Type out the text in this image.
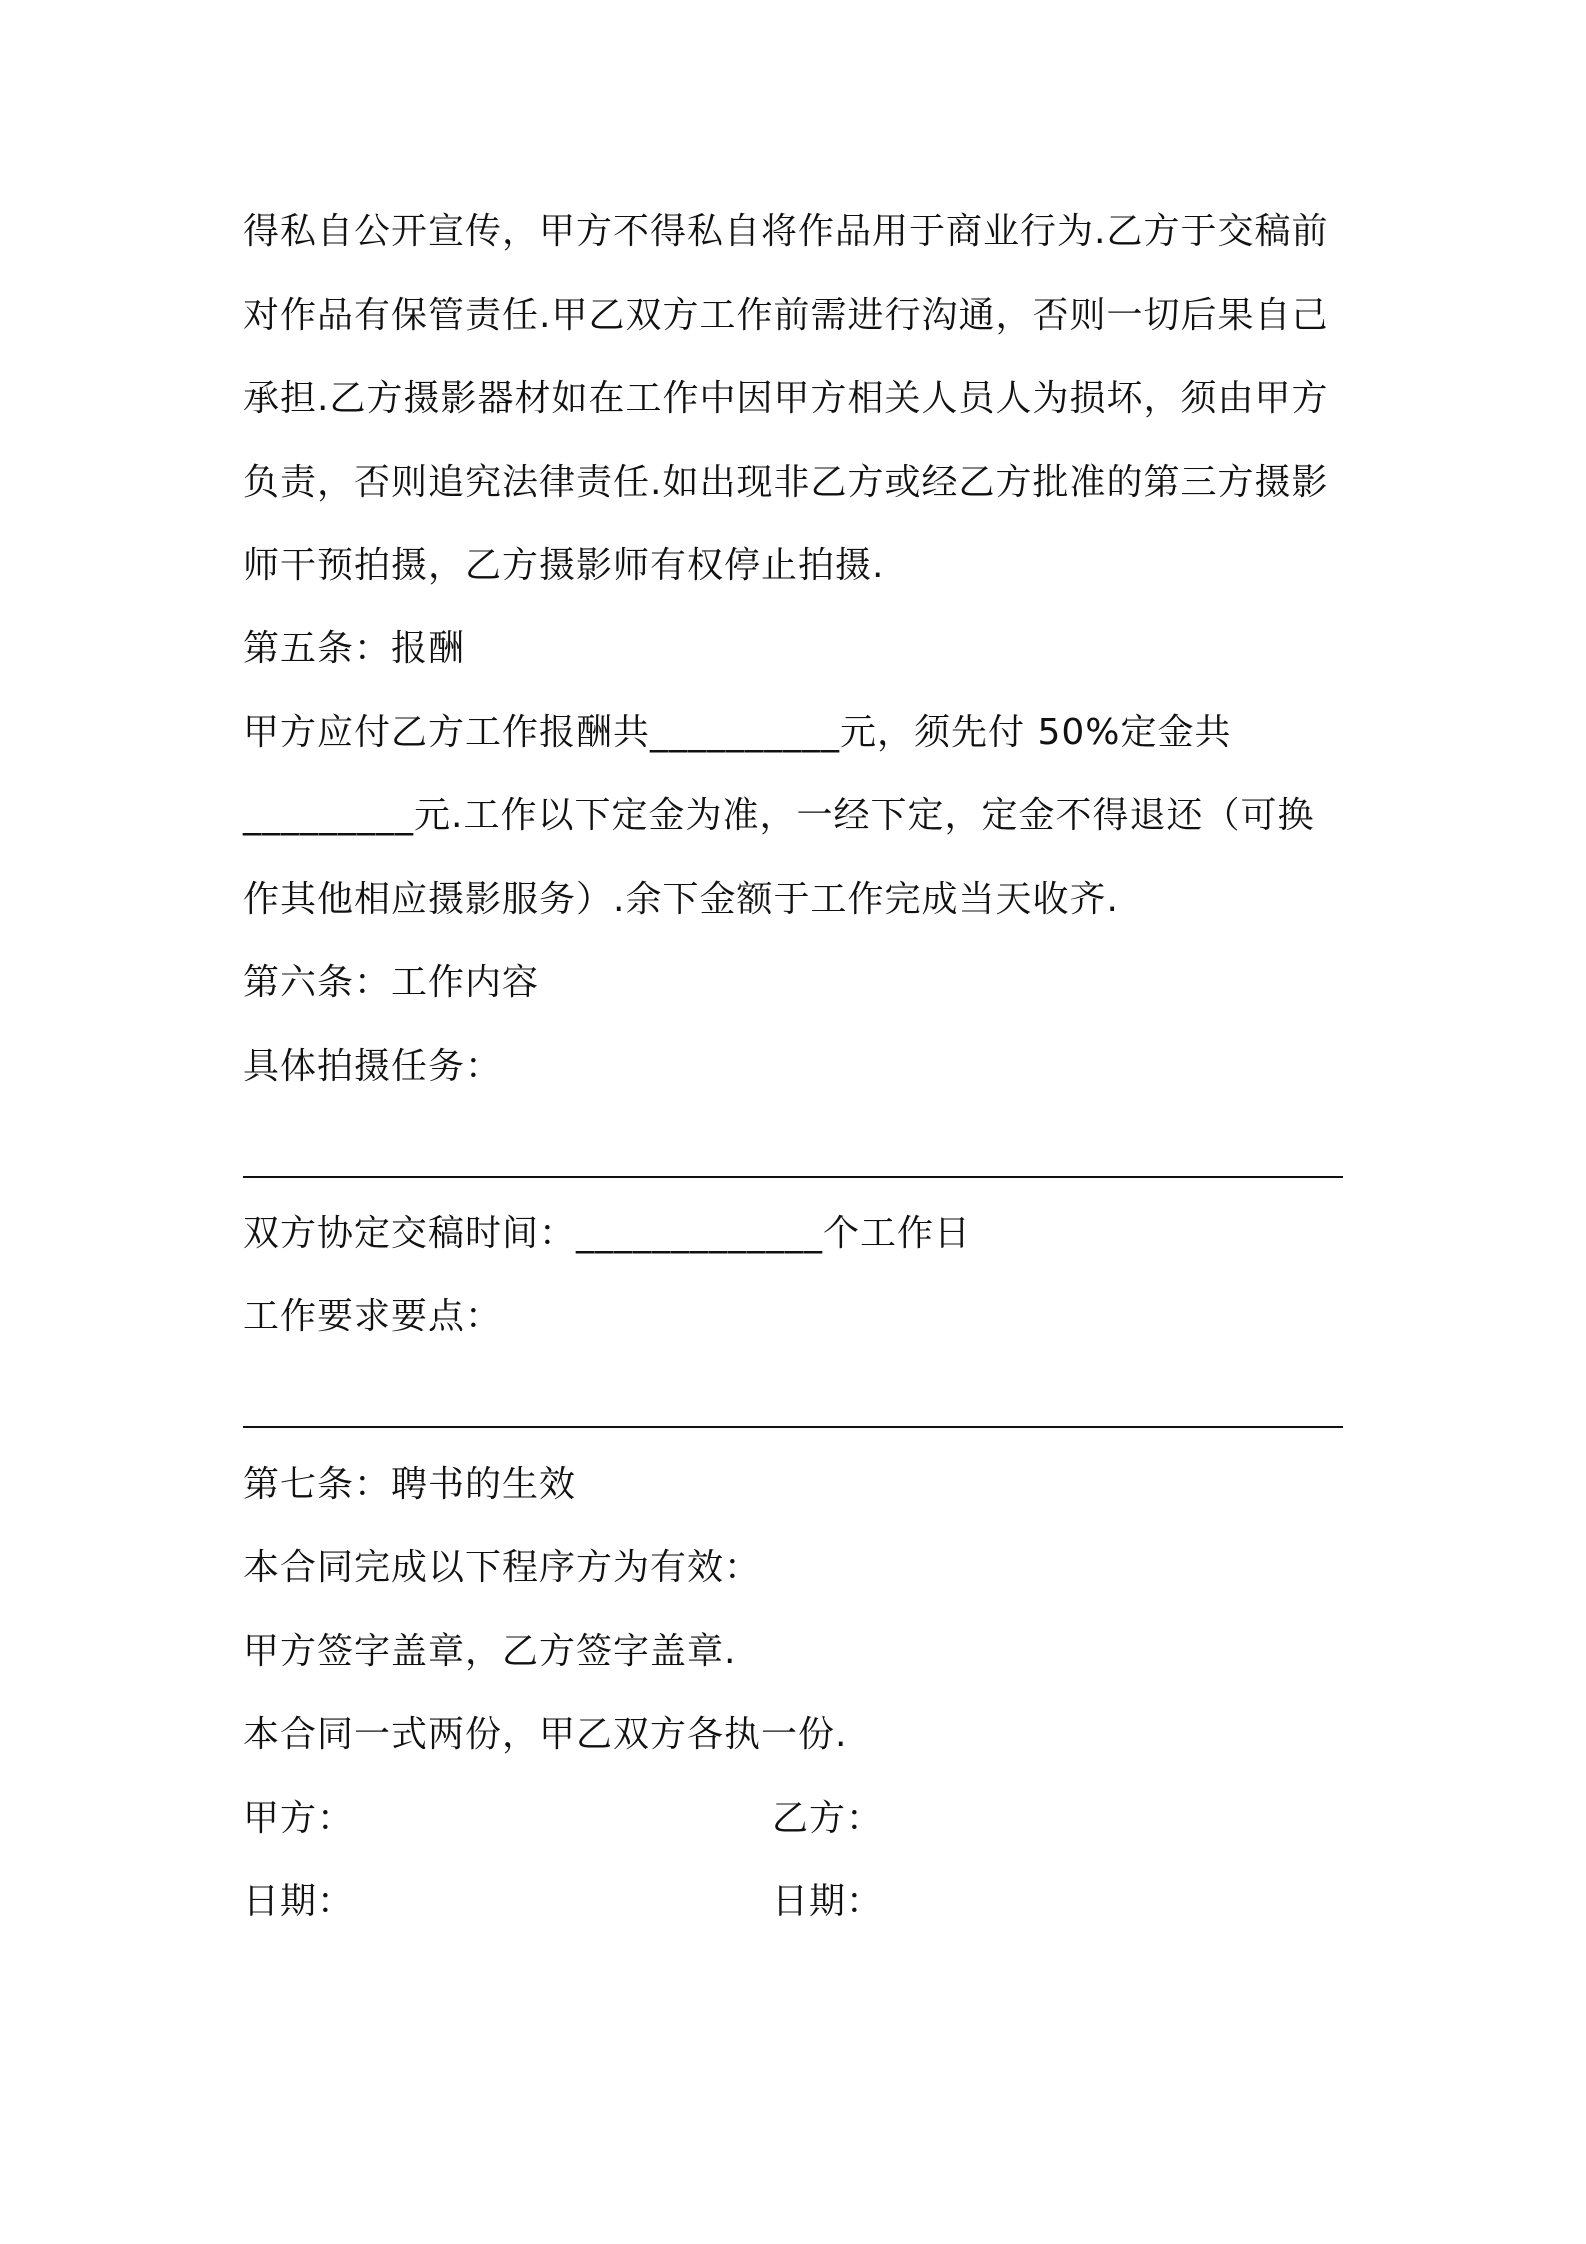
得私自公开宣传，甲方不得私自将作品用于商业行为.乙方于交稿前
对作品有保管责任.甲乙双方工作前需进行沟通，否则一切后果自己
承担.乙方摄影器材如在工作中因甲方相关人员人为损坏，须由甲方
负责，否则追究法律责任.如出现非乙方或经乙方批准的第三方摄影
师干预拍摄，乙方摄影师有权停止拍摄.
第五条：报酬
甲方应付乙方工作报酬共__________元，须先付 50%定金共
_________元.工作以下定金为准，一经下定，定金不得退还（可换
作其他相应摄影服务）.余下金额于工作完成当天收齐.
第六条：工作内容
具体拍摄任务：
双方协定交稿时间：_____________个工作日
工作要求要点：
第七条：聘书的生效
本合同完成以下程序方为有效：
甲方签字盖章，乙方签字盖章.
本合同一式两份，甲乙双方各执一份.
甲方：	乙方：
日期：	日期：
